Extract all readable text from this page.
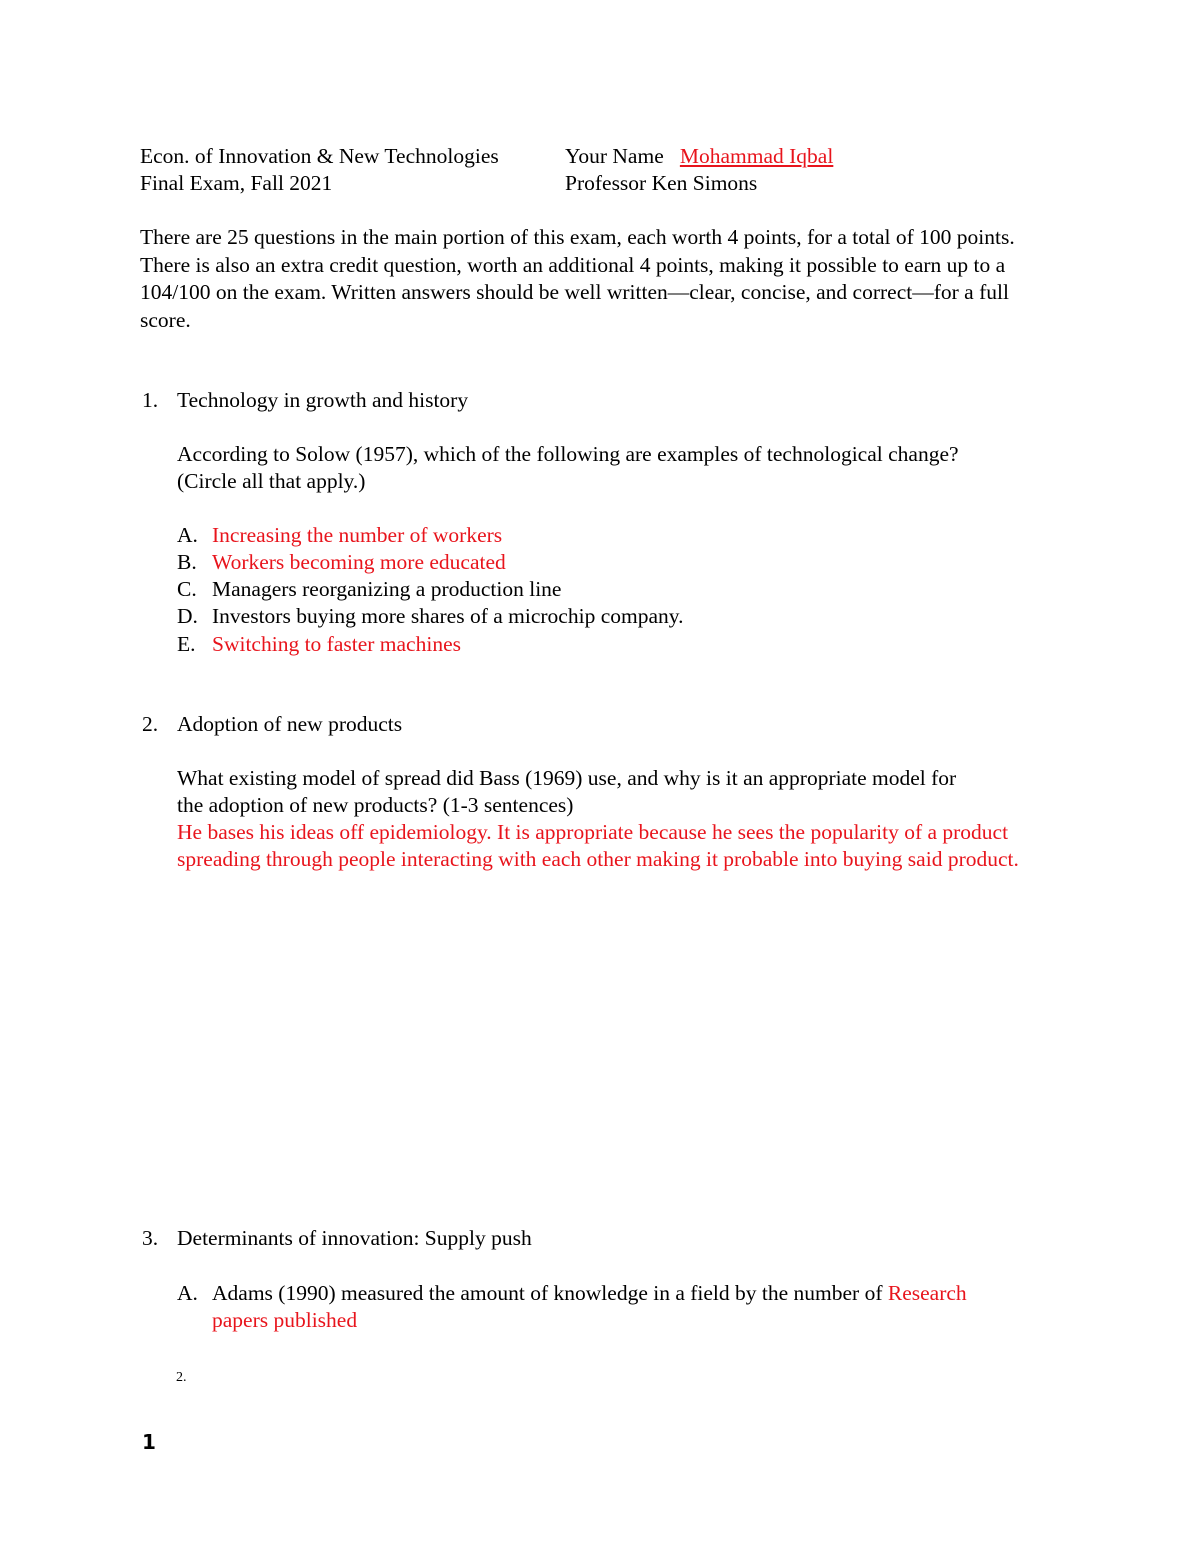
Econ. of Innovation & New Technologies
Final Exam, Fall 2021
Your Name Mohammad Iqbal
Professor Ken Simons
There are 25 questions in the main portion of this exam, each worth 4 points, for a total of 100 points. There is also an extra credit question, worth an additional 4 points, making it possible to earn up to a 104/100 on the exam. Written answers should be well written—clear, concise, and correct—for a full score.
1. Technology in growth and history
According to Solow (1957), which of the following are examples of technological change?
(Circle all that apply.)
A. Increasing the number of workers
B. Workers becoming more educated
C. Managers reorganizing a production line
D. Investors buying more shares of a microchip company.
E. Switching to faster machines
2. Adoption of new products
What existing model of spread did Bass (1969) use, and why is it an appropriate model for
the adoption of new products? (1-3 sentences)
He bases his ideas off epidemiology. It is appropriate because he sees the popularity of a product spreading through people interacting with each other making it probable into buying said product.
3. Determinants of innovation: Supply push
A. Adams (1990) measured the amount of knowledge in a field by the number of Research
papers published
2.
1
